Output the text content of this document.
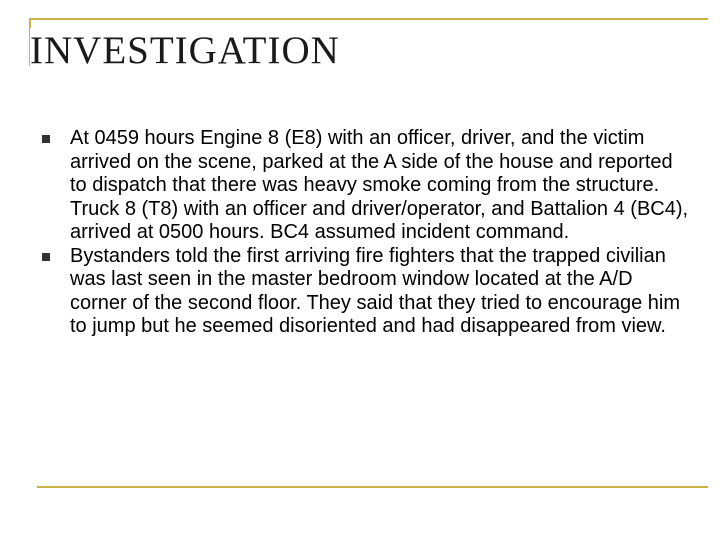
INVESTIGATION
At 0459 hours Engine 8 (E8) with an officer, driver, and the victim arrived on the scene, parked at the A side of the house and reported to dispatch that there was heavy smoke coming from the structure. Truck 8 (T8) with an officer and driver/operator, and Battalion 4 (BC4), arrived at 0500 hours. BC4 assumed incident command.
Bystanders told the first arriving fire fighters that the trapped civilian was last seen in the master bedroom window located at the A/D corner of the second floor. They said that they tried to encourage him to jump but he seemed disoriented and had disappeared from view.
